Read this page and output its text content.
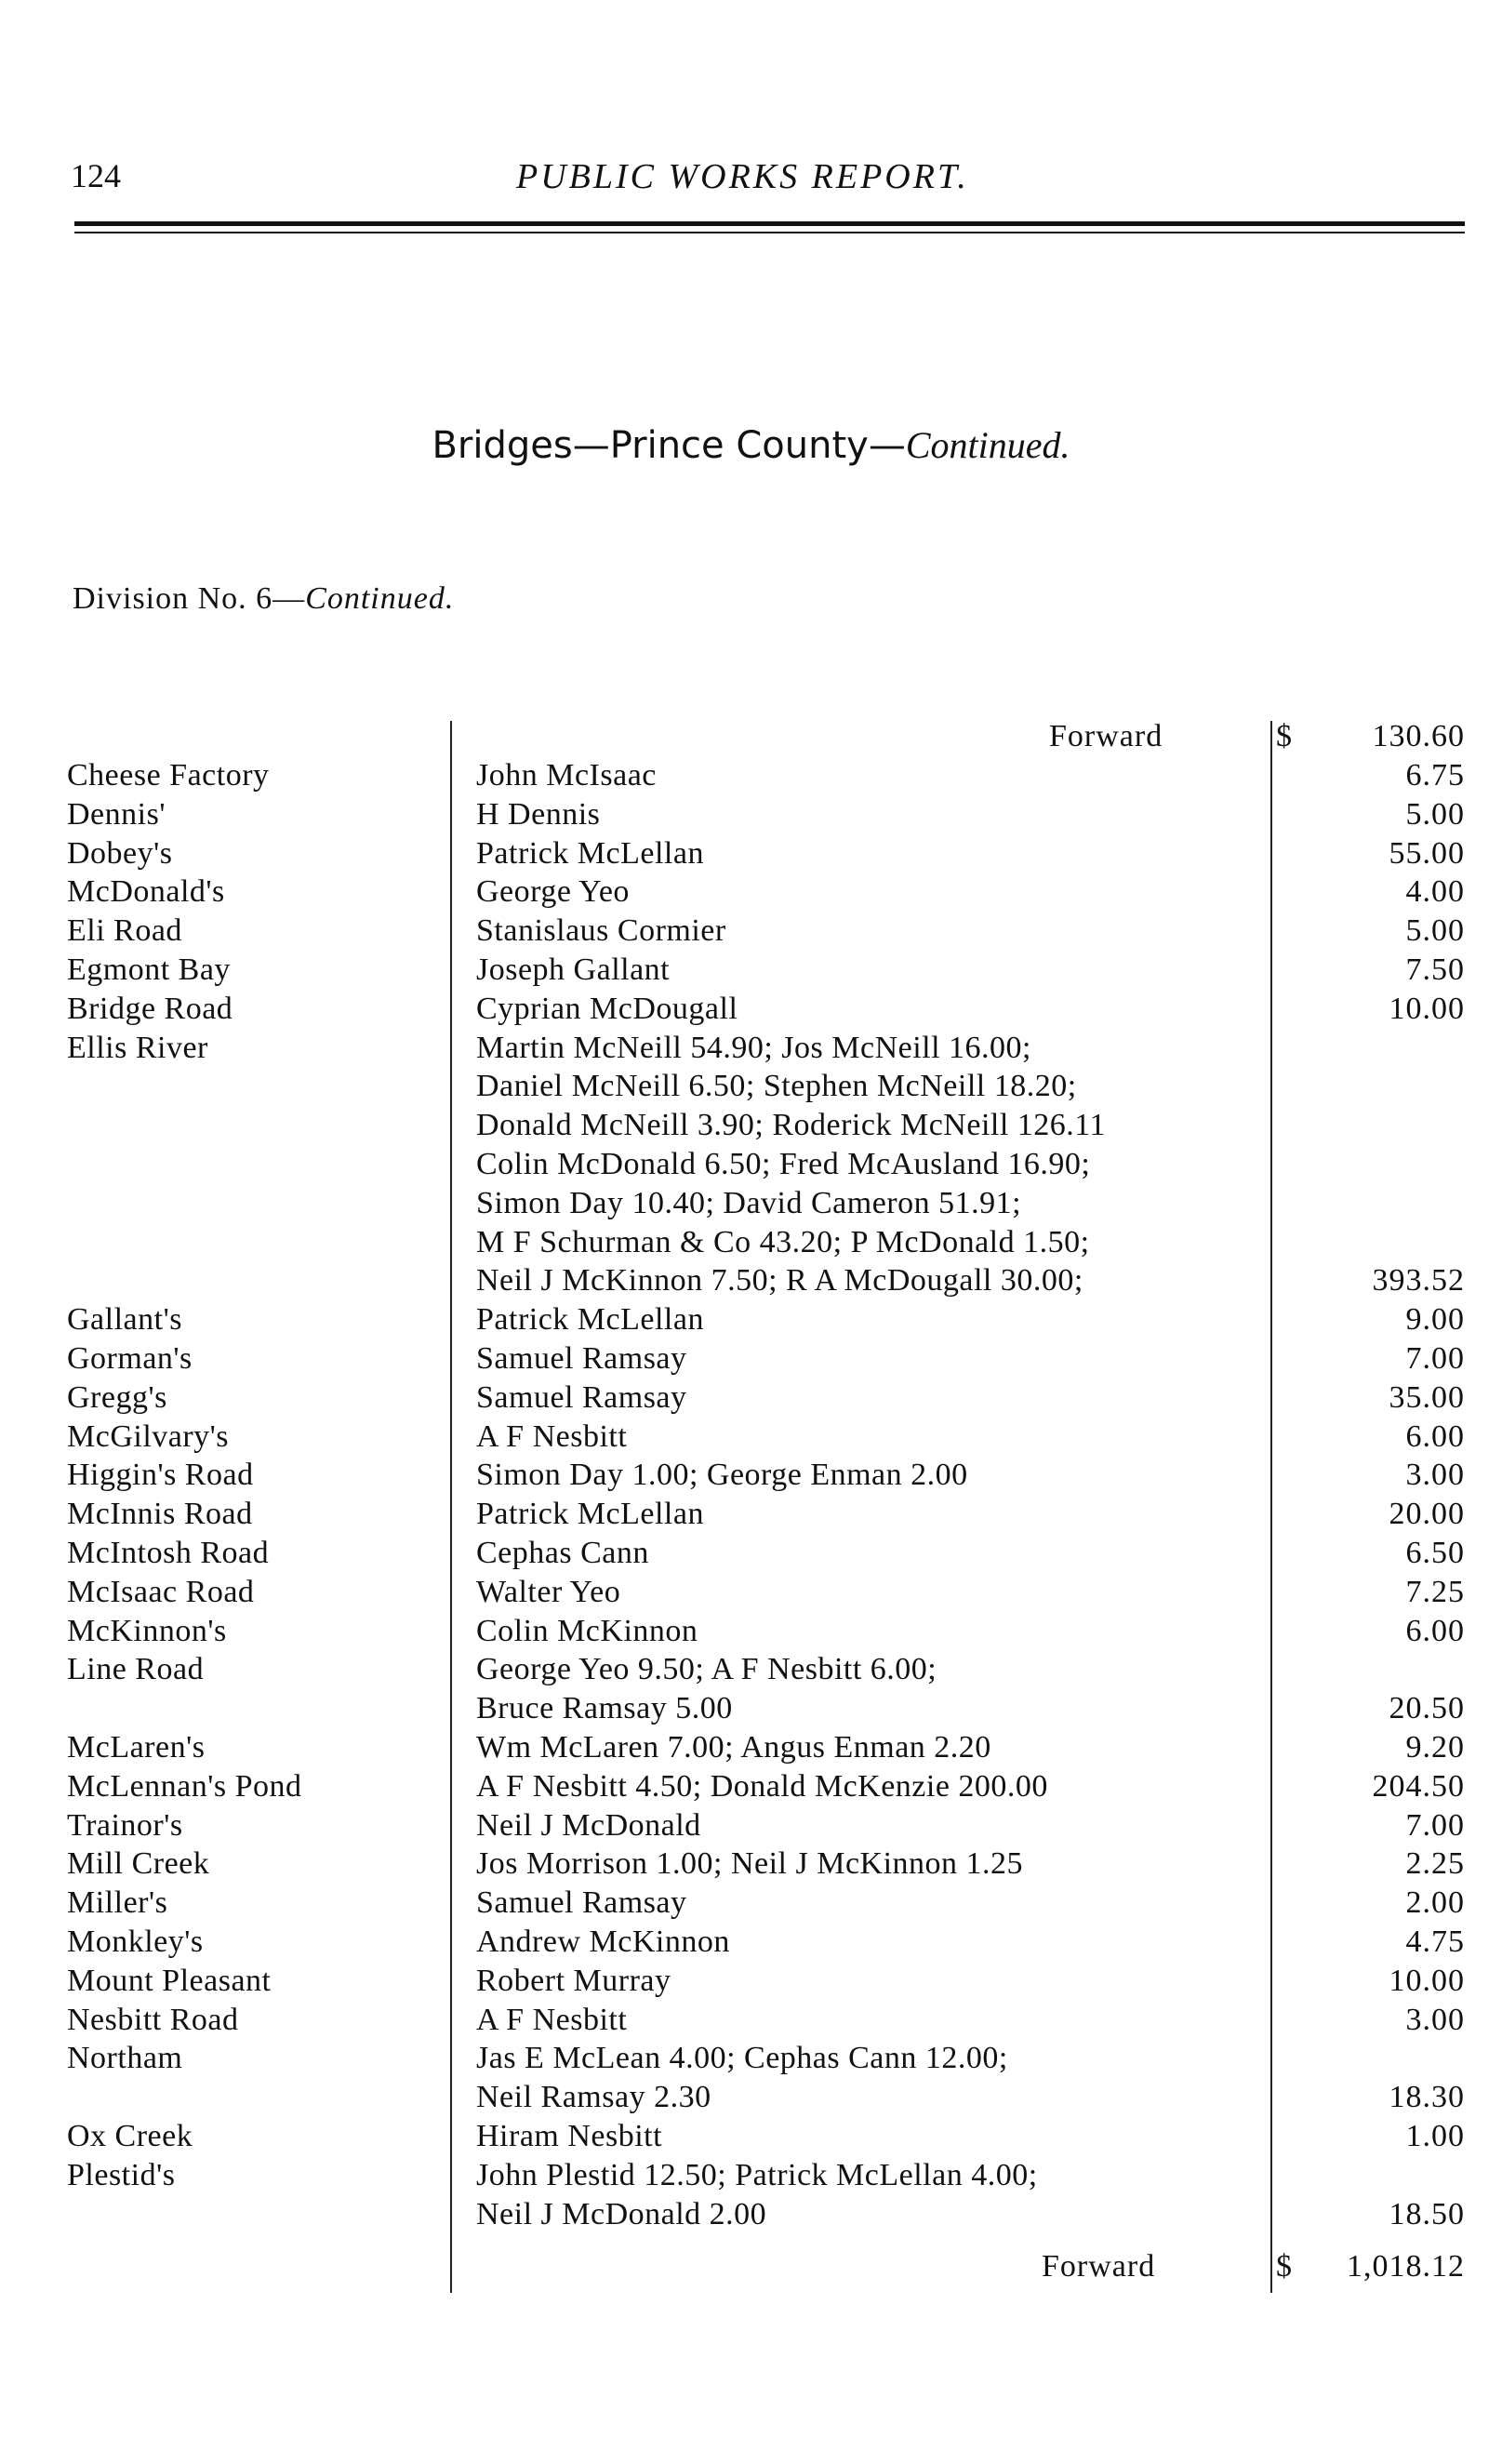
124	PUBLIC WORKS REPORT.
Bridges—Prince County—Continued.
Division No. 6—Continued.
Forward	$	130.60
Cheese Factory	John McIsaac	6.75
Dennis'	H Dennis	5.00
Dobey's	Patrick McLellan	55.00
McDonald's	George Yeo	4.00
Eli Road	Stanislaus Cormier	5.00
Egmont Bay	Joseph Gallant	7.50
Bridge Road	Cyprian McDougall	10.00
Ellis River	Martin McNeill 54.90; Jos McNeill 16.00;
Daniel McNeill 6.50; Stephen McNeill 18.20;
Donald McNeill 3.90; Roderick McNeill 126.11
Colin McDonald 6.50; Fred McAusland 16.90;
Simon Day 10.40; David Cameron 51.91;
M F Schurman & Co 43.20; P McDonald 1.50;
Neil J McKinnon 7.50; R A McDougall 30.00;	393.52
Gallant's	Patrick McLellan	9.00
Gorman's	Samuel Ramsay	7.00
Gregg's	Samuel Ramsay	35.00
McGilvary's	A F Nesbitt	6.00
Higgin's Road	Simon Day 1.00; George Enman 2.00	3.00
McInnis Road	Patrick McLellan	20.00
McIntosh Road	Cephas Cann	6.50
McIsaac Road	Walter Yeo	7.25
McKinnon's	Colin McKinnon	6.00
Line Road	George Yeo 9.50; A F Nesbitt 6.00;
Bruce Ramsay 5.00	20.50
McLaren's	Wm McLaren 7.00; Angus Enman 2.20	9.20
McLennan's Pond	A F Nesbitt 4.50; Donald McKenzie 200.00	204.50
Trainor's	Neil J McDonald	7.00
Mill Creek	Jos Morrison 1.00; Neil J McKinnon 1.25	2.25
Miller's	Samuel Ramsay	2.00
Monkley's	Andrew McKinnon	4.75
Mount Pleasant	Robert Murray	10.00
Nesbitt Road	A F Nesbitt	3.00
Northam	Jas E McLean 4.00; Cephas Cann 12.00;
Neil Ramsay 2.30	18.30
Ox Creek	Hiram Nesbitt	1.00
Plestid's	John Plestid 12.50; Patrick McLellan 4.00;
Neil J McDonald 2.00	18.50
Forward	$ 1,018.12
